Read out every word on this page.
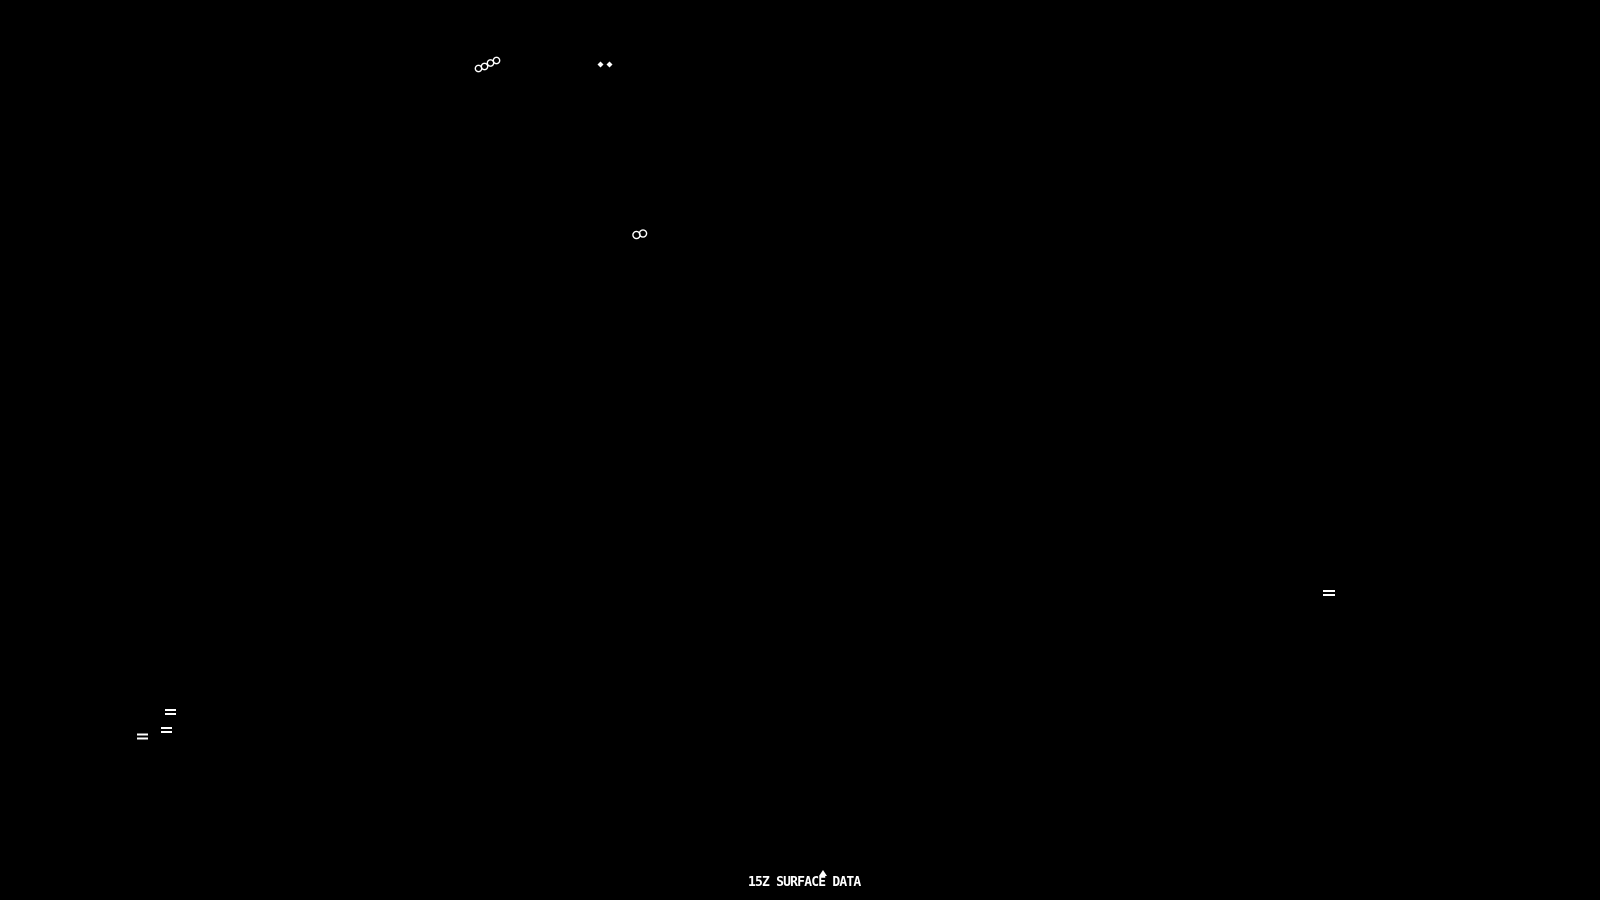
15Z SURFACE DATA
